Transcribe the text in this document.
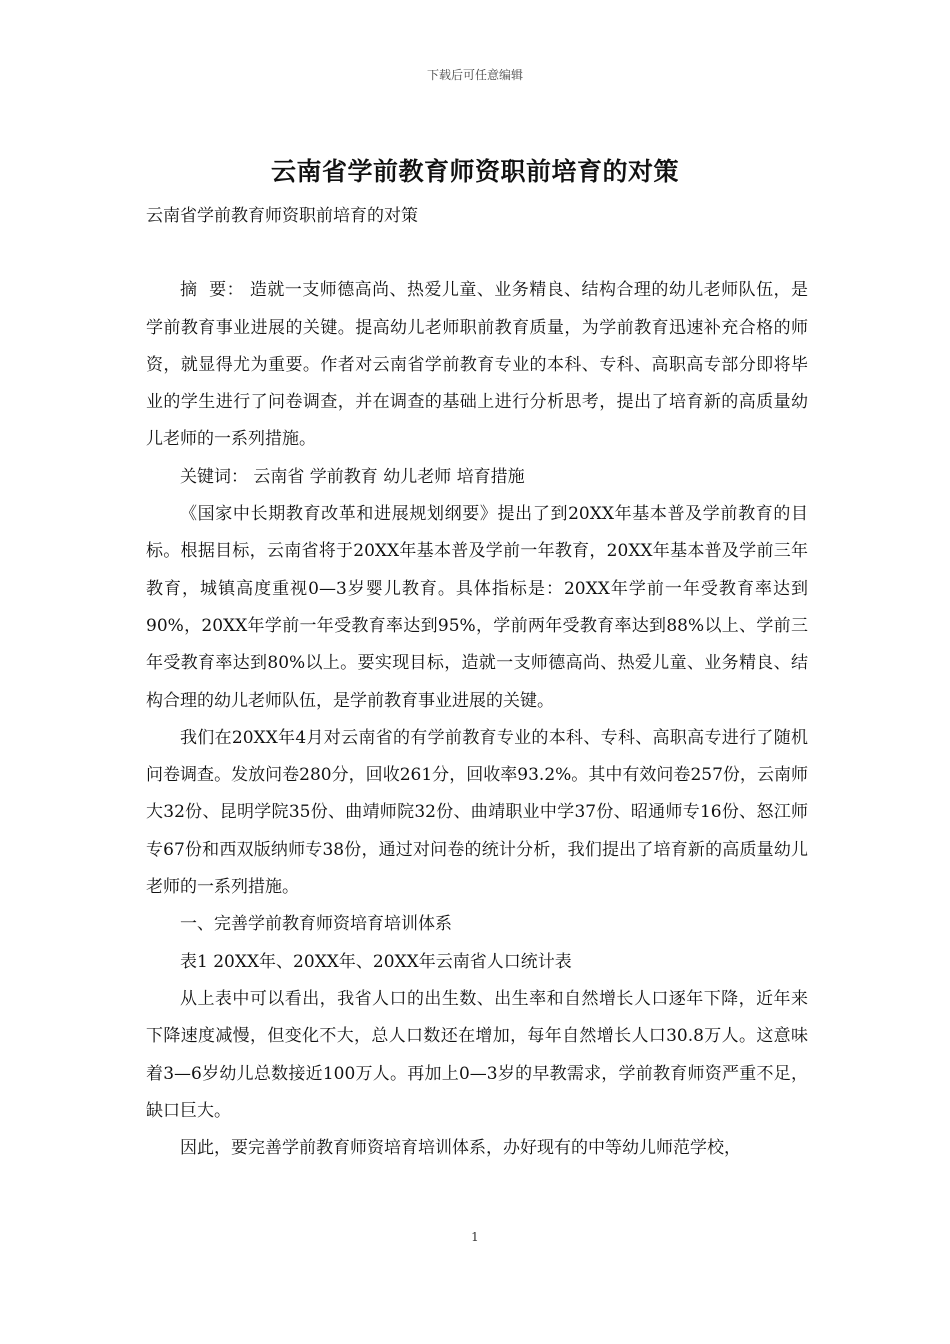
下载后可任意编辑
云南省学前教育师资职前培育的对策

云南省学前教育师资职前培育的对策

摘  要： 造就一支师德高尚、热爱儿童、业务精良、结构合理的幼儿老师队伍，是学前教育事业进展的关键。提高幼儿老师职前教育质量，为学前教育迅速补充合格的师资，就显得尤为重要。作者对云南省学前教育专业的本科、专科、高职高专部分即将毕业的学生进行了问卷调查，并在调查的基础上进行分析思考，提出了培育新的高质量幼儿老师的一系列措施。

关键词： 云南省 学前教育 幼儿老师 培育措施

《国家中长期教育改革和进展规划纲要》提出了到20XX年基本普及学前教育的目标。根据目标，云南省将于20XX年基本普及学前一年教育，20XX年基本普及学前三年教育，城镇高度重视0—3岁婴儿教育。具体指标是：20XX年学前一年受教育率达到90%，20XX年学前一年受教育率达到95%，学前两年受教育率达到88%以上、学前三年受教育率达到80%以上。要实现目标，造就一支师德高尚、热爱儿童、业务精良、结构合理的幼儿老师队伍，是学前教育事业进展的关键。

我们在20XX年4月对云南省的有学前教育专业的本科、专科、高职高专进行了随机问卷调查。发放问卷280分，回收261分，回收率93.2%。其中有效问卷257份，云南师大32份、昆明学院35份、曲靖师院32份、曲靖职业中学37份、昭通师专16份、怒江师专67份和西双版纳师专38份，通过对问卷的统计分析，我们提出了培育新的高质量幼儿老师的一系列措施。

一、完善学前教育师资培育培训体系

表1 20XX年、20XX年、20XX年云南省人口统计表

从上表中可以看出，我省人口的出生数、出生率和自然增长人口逐年下降，近年来下降速度减慢，但变化不大，总人口数还在增加，每年自然增长人口30.8万人。这意味着3—6岁幼儿总数接近100万人。再加上0—3岁的早教需求，学前教育师资严重不足，缺口巨大。

因此，要完善学前教育师资培育培训体系，办好现有的中等幼儿师范学校，

1
